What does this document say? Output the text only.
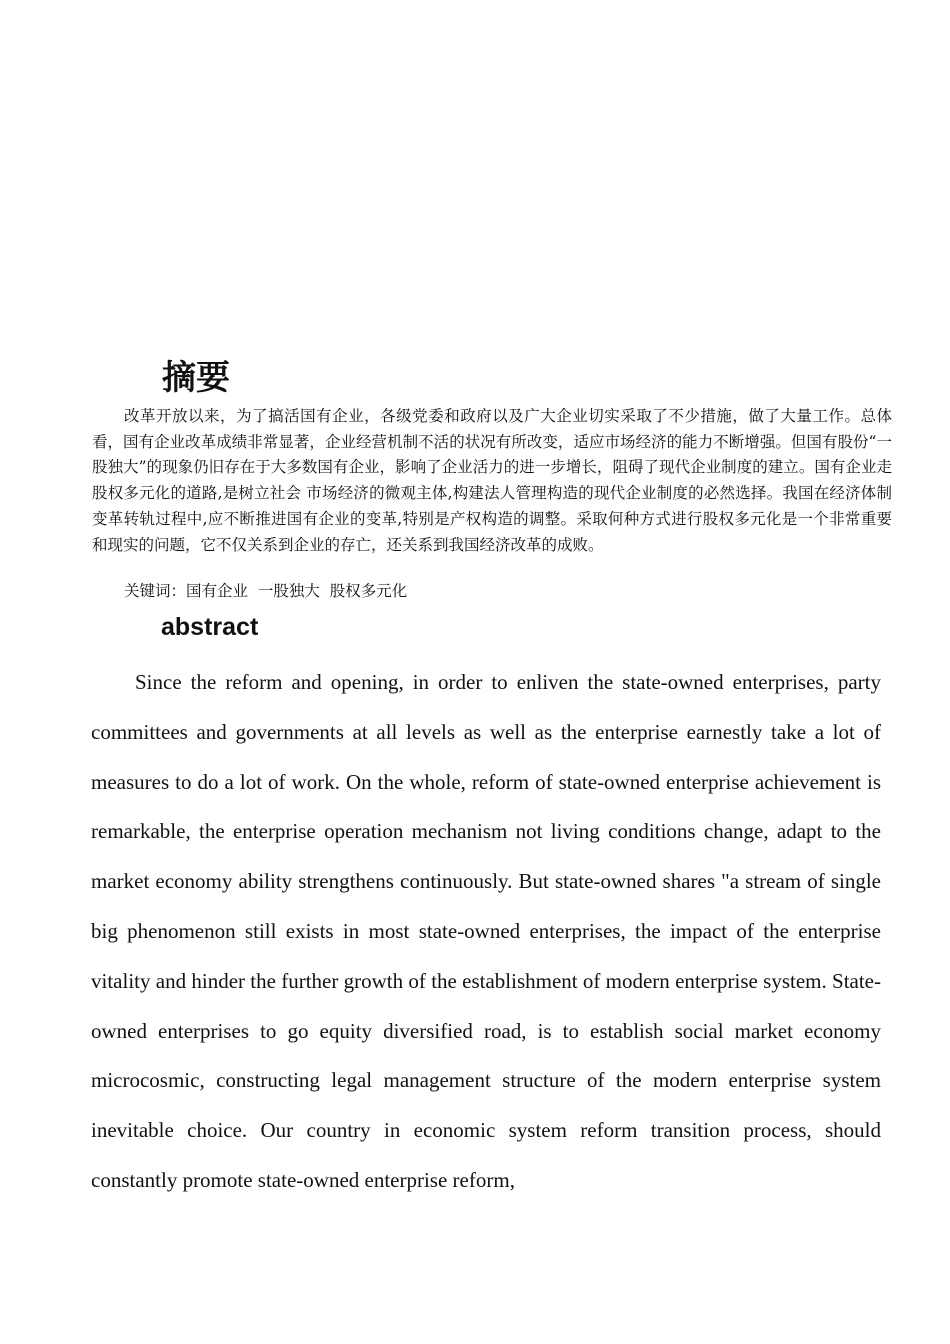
摘要

改革开放以来，为了搞活国有企业，各级党委和政府以及广大企业切实采取了不少措施，做了大量工作。总体看，国有企业改革成绩非常显著，企业经营机制不活的状况有所改变，适应市场经济的能力不断增强。但国有股份“一股独大”的现象仍旧存在于大多数国有企业，影响了企业活力的进一步增长，阻碍了现代企业制度的建立。国有企业走股权多元化的道路,是树立社会 市场经济的微观主体,构建法人管理构造的现代企业制度的必然选择。我国在经济体制变革转轨过程中,应不断推进国有企业的变革,特别是产权构造的调整。采取何种方式进行股权多元化是一个非常重要和现实的问题，它不仅关系到企业的存亡，还关系到我国经济改革的成败。

关键词：国有企业  一股独大  股权多元化

abstract

Since the reform and opening, in order to enliven the state-owned enterprises, party committees and governments at all levels as well as the enterprise earnestly take a lot of measures to do a lot of work. On the whole, reform of state-owned enterprise achievement is remarkable, the enterprise operation mechanism not living conditions change, adapt to the market economy ability strengthens continuously. But state-owned shares "a stream of single big phenomenon still exists in most state-owned enterprises, the impact of the enterprise vitality and hinder the further growth of the establishment of modern enterprise system. State-owned enterprises to go equity diversified road, is to establish social market economy microcosmic, constructing legal management structure of the modern enterprise system inevitable choice. Our country in economic system reform transition process, should constantly promote state-owned enterprise reform,
